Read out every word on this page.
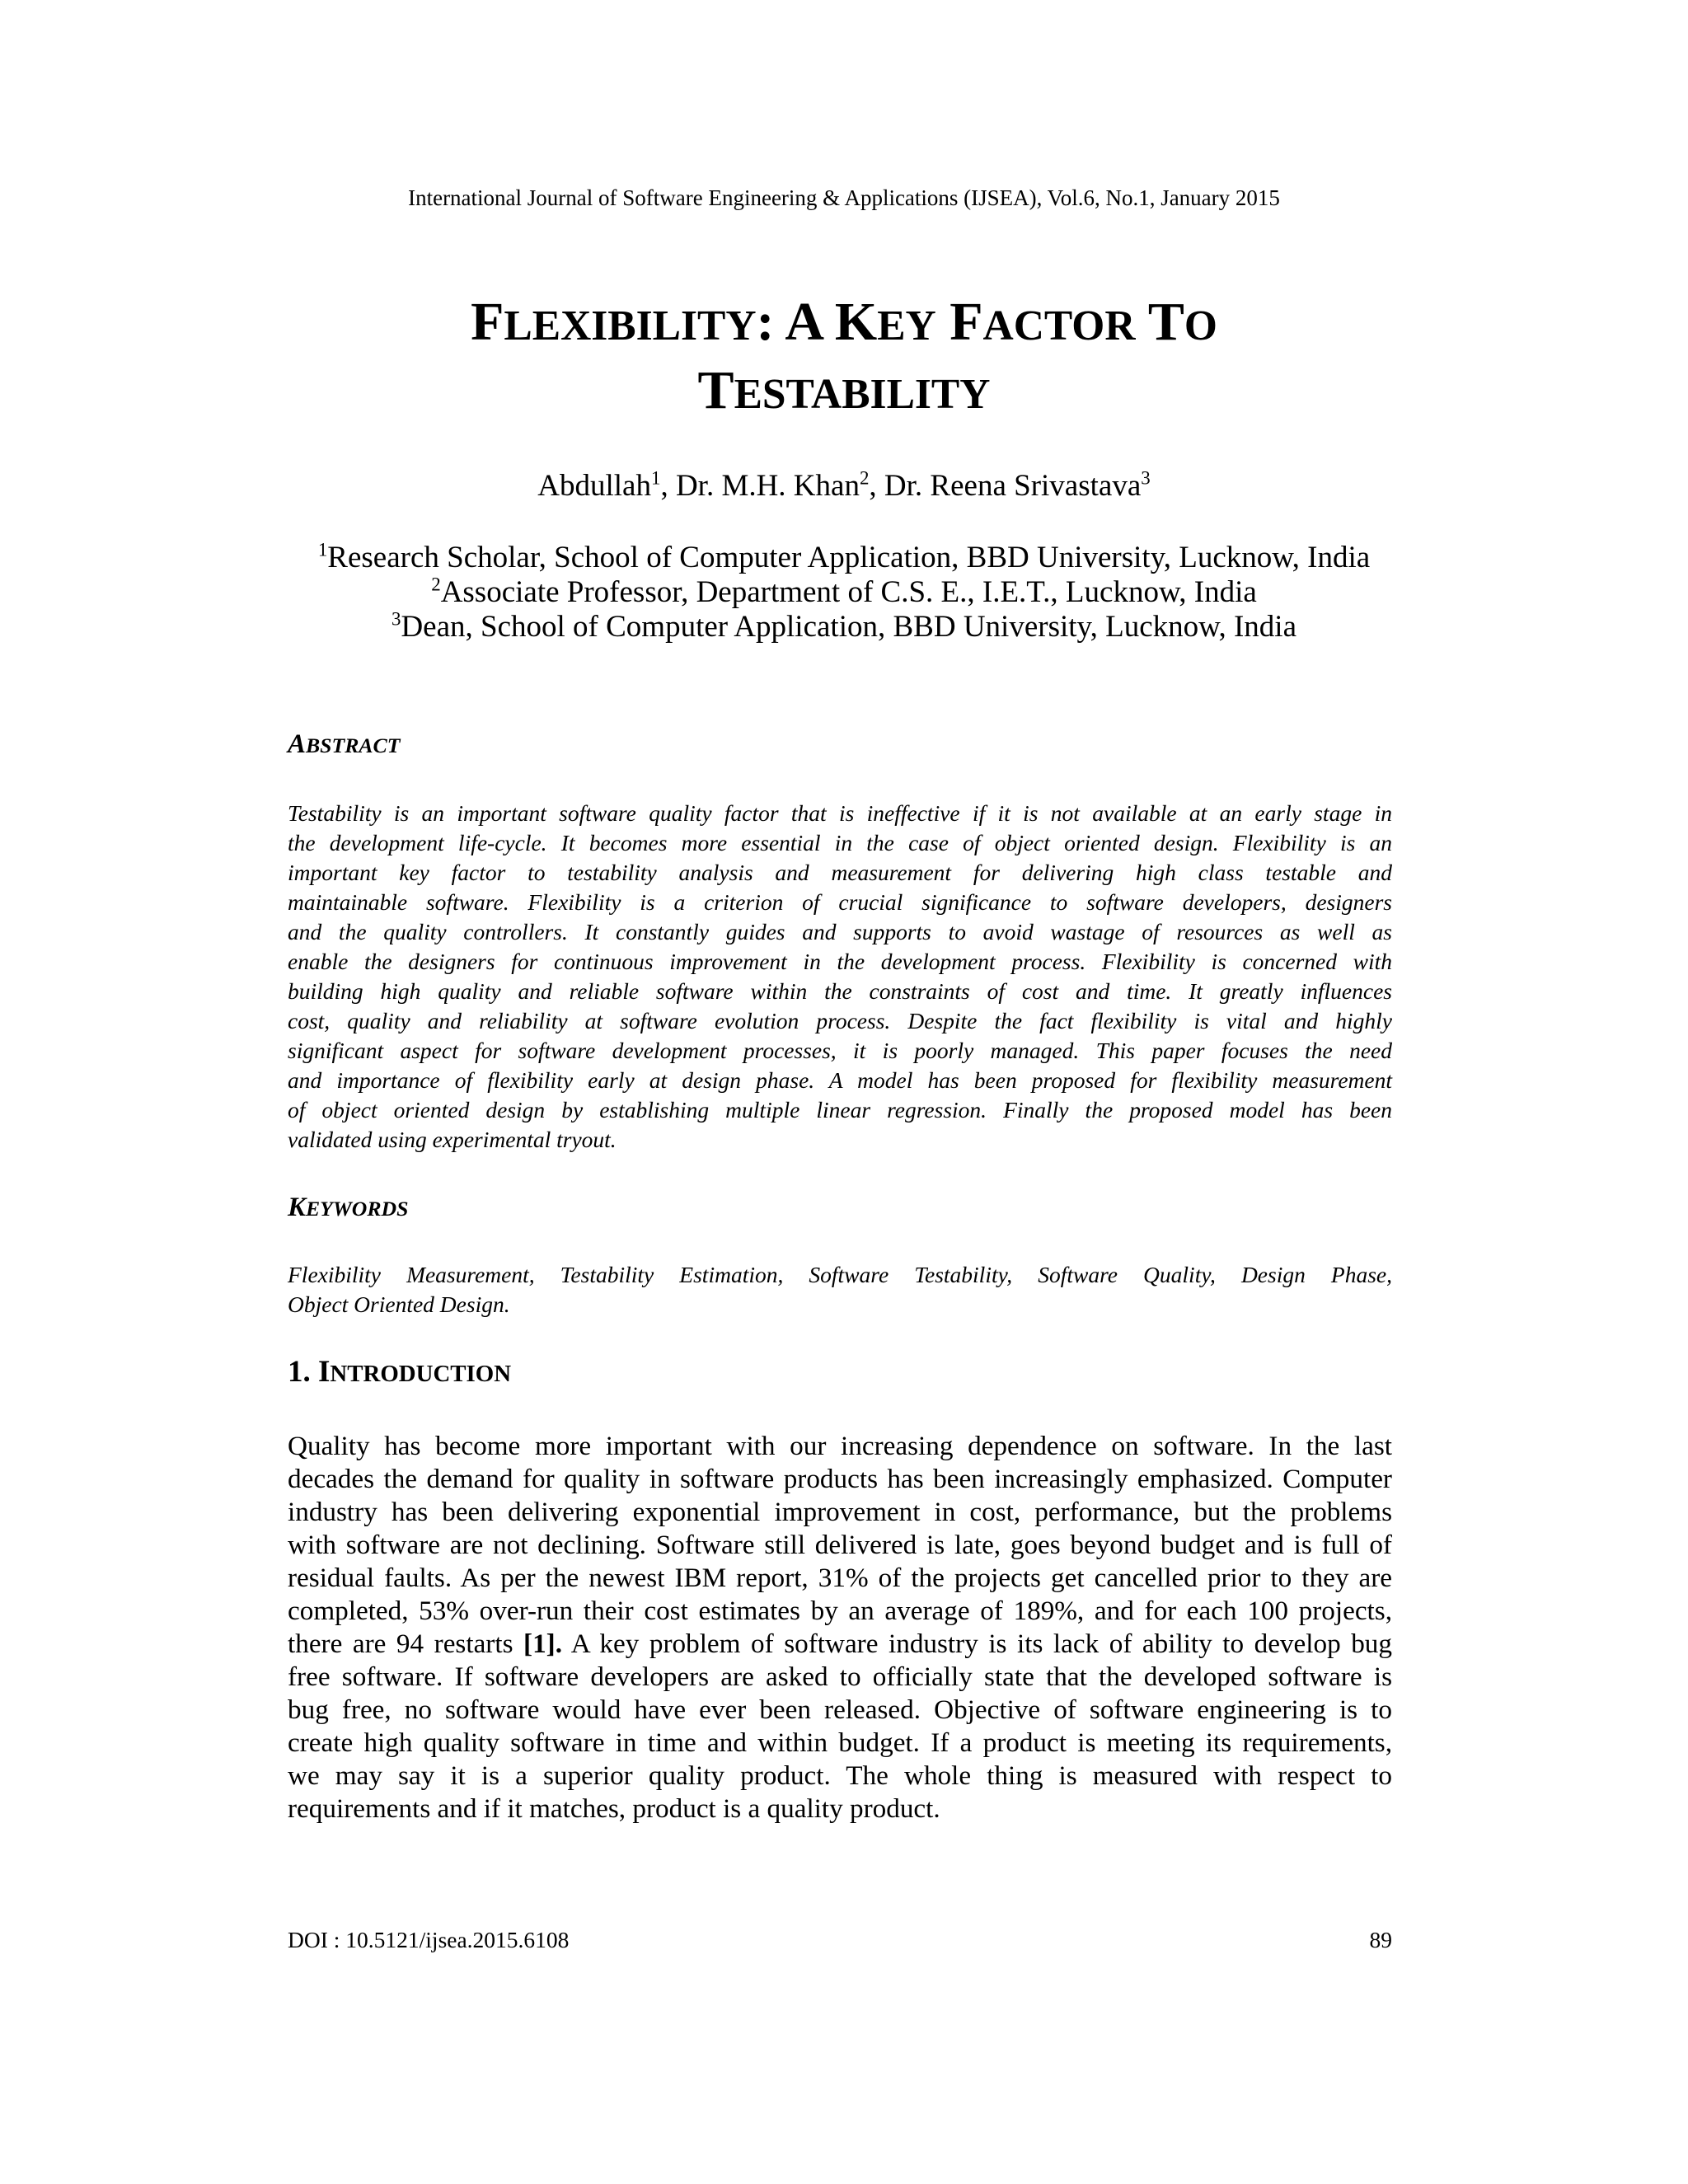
International Journal of Software Engineering & Applications (IJSEA), Vol.6, No.1, January 2015
FLEXIBILITY: A KEY FACTOR TO
TESTABILITY
Abdullah$^1$, Dr. M.H. Khan$^2$, Dr. Reena Srivastava$^3$
$^1$Research Scholar, School of Computer Application, BBD University, Lucknow, India
$^2$Associate Professor, Department of C.S. E., I.E.T., Lucknow, India
$^3$Dean, School of Computer Application, BBD University, Lucknow, India
ABSTRACT
Testability is an important software quality factor that is ineffective if it is not available at an early stage in
the development life-cycle. It becomes more essential in the case of object oriented design. Flexibility is an
important key factor to testability analysis and measurement for delivering high class testable and
maintainable software. Flexibility is a criterion of crucial significance to software developers, designers
and the quality controllers. It constantly guides and supports to avoid wastage of resources as well as
enable the designers for continuous improvement in the development process. Flexibility is concerned with
building high quality and reliable software within the constraints of cost and time. It greatly influences
cost, quality and reliability at software evolution process. Despite the fact flexibility is vital and highly
significant aspect for software development processes, it is poorly managed. This paper focuses the need
and importance of flexibility early at design phase. A model has been proposed for flexibility measurement
of object oriented design by establishing multiple linear regression. Finally the proposed model has been
validated using experimental tryout.
KEYWORDS
Flexibility Measurement, Testability Estimation, Software Testability, Software Quality, Design Phase,
Object Oriented Design.
1. INTRODUCTION
Quality has become more important with our increasing dependence on software. In the last
decades the demand for quality in software products has been increasingly emphasized. Computer
industry has been delivering exponential improvement in cost, performance, but the problems
with software are not declining. Software still delivered is late, goes beyond budget and is full of
residual faults. As per the newest IBM report, 31% of the projects get cancelled prior to they are
completed, 53% over-run their cost estimates by an average of 189%, and for each 100 projects,
there are 94 restarts [1]. A key problem of software industry is its lack of ability to develop bug
free software. If software developers are asked to officially state that the developed software is
bug free, no software would have ever been released. Objective of software engineering is to
create high quality software in time and within budget. If a product is meeting its requirements,
we may say it is a superior quality product. The whole thing is measured with respect to
requirements and if it matches, product is a quality product.
DOI : 10.5121/ijsea.2015.6108	89
